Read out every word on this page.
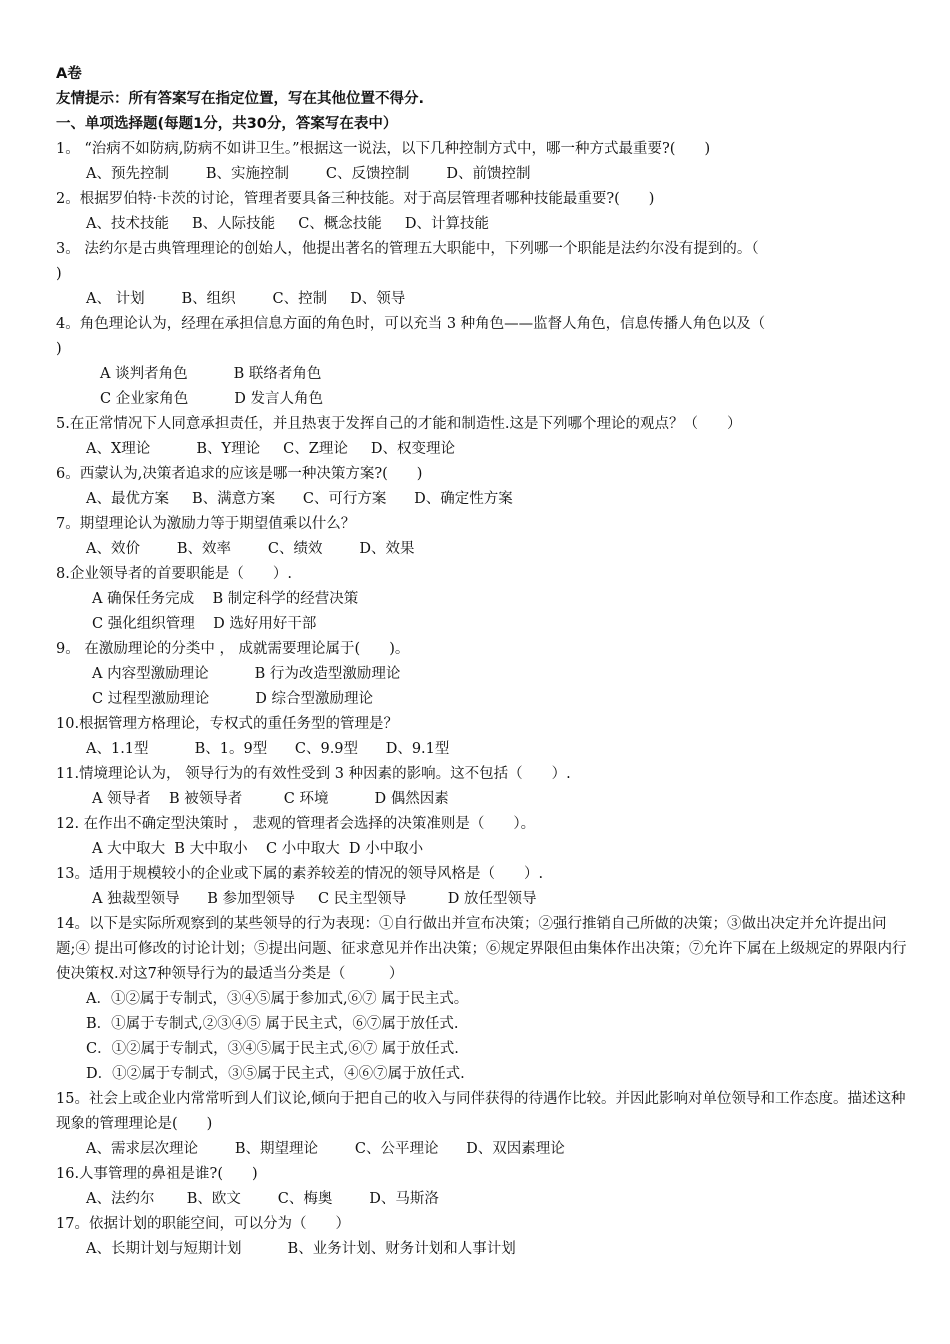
A卷

友情提示：所有答案写在指定位置，写在其他位置不得分.

一、单项选择题(每题1分，共30分，答案写在表中）

1。 “治病不如防病,防病不如讲卫生。”根据这一说法，以下几种控制方式中，哪一种方式最重要?(　　)

A、预先控制        B、实施控制        C、反馈控制        D、前馈控制

2。根据罗伯特·卡茨的讨论，管理者要具备三种技能。对于高层管理者哪种技能最重要?(　　)

A、技术技能     B、人际技能     C、概念技能     D、计算技能

3。 法约尔是古典管理理论的创始人，他提出著名的管理五大职能中，下列哪一个职能是法约尔没有提到的。（

)

A、 计划        B、组织        C、控制     D、领导

4。角色理论认为，经理在承担信息方面的角色时，可以充当 3 种角色——监督人角色，信息传播人角色以及（

)

A 谈判者角色          B 联络者角色

C 企业家角色          D 发言人角色

5.在正常情况下人同意承担责任，并且热衷于发挥自己的才能和制造性.这是下列哪个理论的观点？（　　）

A、X理论          B、Y理论     C、Z理论     D、权变理论

6。西蒙认为,决策者追求的应该是哪一种决策方案?(　　)

A、最优方案     B、满意方案      C、可行方案      D、确定性方案

7。期望理论认为激励力等于期望值乘以什么？

A、效价        B、效率        C、绩效        D、效果

8.企业领导者的首要职能是（　　）.

A 确保任务完成    B 制定科学的经营决策

C 强化组织管理    D 选好用好干部

9。 在激励理论的分类中 ， 成就需要理论属于(　　)。

A 内容型激励理论          B 行为改造型激励理论

C 过程型激励理论          D 综合型激励理论

10.根据管理方格理论，专权式的重任务型的管理是？

A、1.1型          B、1。9型      C、9.9型      D、9.1型

11.情境理论认为， 领导行为的有效性受到 3 种因素的影响。这不包括（　　）.

A 领导者    B 被领导者         C 环境          D 偶然因素

12. 在作出不确定型決策时 ， 悲观的管理者会选择的决策准则是（　　）。

A 大中取大  B 大中取小    C 小中取大  D 小中取小

13。适用于规模较小的企业或下属的素养较差的情况的领导风格是（　　）.

A 独裁型领导      B 参加型领导     C 民主型领导         D 放任型领导

14。以下是实际所观察到的某些领导的行为表现：①自行做出并宣布决策；②强行推销自己所做的决策；③做出决定并允许提出问题;④ 提出可修改的讨论计划；⑤提出问题、征求意见并作出决策；⑥规定界限但由集体作出决策；⑦允许下属在上级规定的界限内行使决策权.对这7种领导行为的最适当分类是（　　　）

A．①②属于专制式，③④⑤属于参加式,⑥⑦ 属于民主式。

B．①属于专制式,②③④⑤ 属于民主式，⑥⑦属于放任式.

C．①②属于专制式，③④⑤属于民主式,⑥⑦ 属于放任式.

D．①②属于专制式，③⑤属于民主式，④⑥⑦属于放任式.

15。社会上或企业内常常听到人们议论,倾向于把自己的收入与同伴获得的待遇作比较。并因此影响对单位领导和工作态度。描述这种现象的管理理论是(　　)

A、需求层次理论        B、期望理论        C、公平理论      D、双因素理论

16.人事管理的鼻祖是谁?(　　)

A、法约尔       B、欧文        C、梅奥        D、马斯洛

17。依据计划的职能空间，可以分为（　　）

A、长期计划与短期计划          B、业务计划、财务计划和人事计划
